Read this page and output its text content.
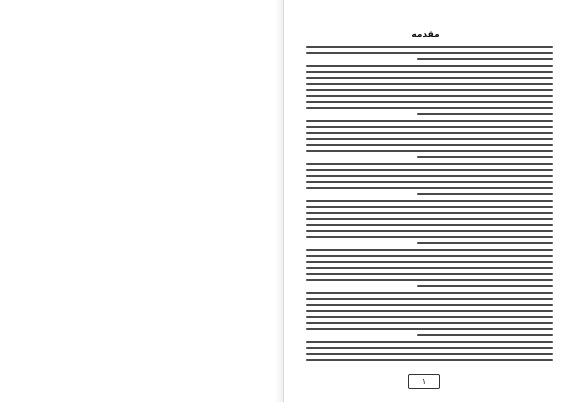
مقدمه
١
